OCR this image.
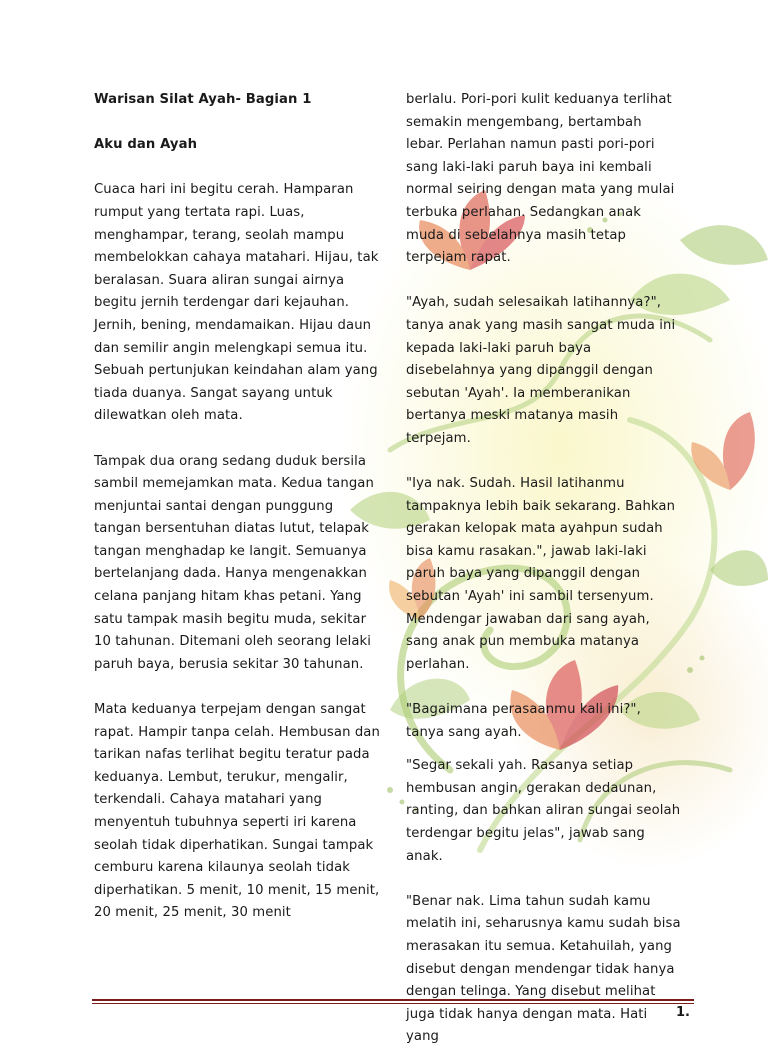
Warisan Silat Ayah- Bagian 1

Aku dan Ayah

Cuaca hari ini begitu cerah. Hamparan rumput yang tertata rapi. Luas, menghampar, terang, seolah mampu membelokkan cahaya matahari. Hijau, tak beralasan. Suara aliran sungai airnya begitu jernih terdengar dari kejauhan. Jernih, bening, mendamaikan. Hijau daun dan semilir angin melengkapi semua itu. Sebuah pertunjukan keindahan alam yang tiada duanya. Sangat sayang untuk dilewatkan oleh mata.

Tampak dua orang sedang duduk bersila sambil memejamkan mata. Kedua tangan menjuntai santai dengan punggung tangan bersentuhan diatas lutut, telapak tangan menghadap ke langit. Semuanya bertelanjang dada. Hanya mengenakkan celana panjang hitam khas petani. Yang satu tampak masih begitu muda, sekitar 10 tahunan. Ditemani oleh seorang lelaki paruh baya, berusia sekitar 30 tahunan.

Mata keduanya terpejam dengan sangat rapat. Hampir tanpa celah. Hembusan dan tarikan nafas terlihat begitu teratur pada keduanya. Lembut, terukur, mengalir, terkendali. Cahaya matahari yang menyentuh tubuhnya seperti iri karena seolah tidak diperhatikan. Sungai tampak cemburu karena kilaunya seolah tidak diperhatikan. 5 menit, 10 menit, 15 menit, 20 menit, 25 menit, 30 menit

berlalu. Pori-pori kulit keduanya terlihat semakin mengembang, bertambah lebar. Perlahan namun pasti pori-pori sang laki-laki paruh baya ini kembali normal seiring dengan mata yang mulai terbuka perlahan. Sedangkan anak muda di sebelahnya masih tetap terpejam rapat.

"Ayah, sudah selesaikah latihannya?", tanya anak yang masih sangat muda ini kepada laki-laki paruh baya disebelahnya yang dipanggil dengan sebutan 'Ayah'. Ia memberanikan bertanya meski matanya masih terpejam.

"Iya nak. Sudah. Hasil latihanmu tampaknya lebih baik sekarang. Bahkan gerakan kelopak mata ayahpun sudah bisa kamu rasakan.", jawab laki-laki paruh baya yang dipanggil dengan sebutan 'Ayah' ini sambil tersenyum. Mendengar jawaban dari sang ayah, sang anak pun membuka matanya perlahan.

"Bagaimana perasaanmu kali ini?", tanya sang ayah.

"Segar sekali yah. Rasanya setiap hembusan angin, gerakan dedaunan, ranting, dan bahkan aliran sungai seolah terdengar begitu jelas", jawab sang anak.

"Benar nak. Lima tahun sudah kamu melatih ini, seharusnya kamu sudah bisa merasakan itu semua. Ketahuilah, yang disebut dengan mendengar tidak hanya dengan telinga. Yang disebut melihat juga tidak hanya dengan mata. Hati yang

1.
